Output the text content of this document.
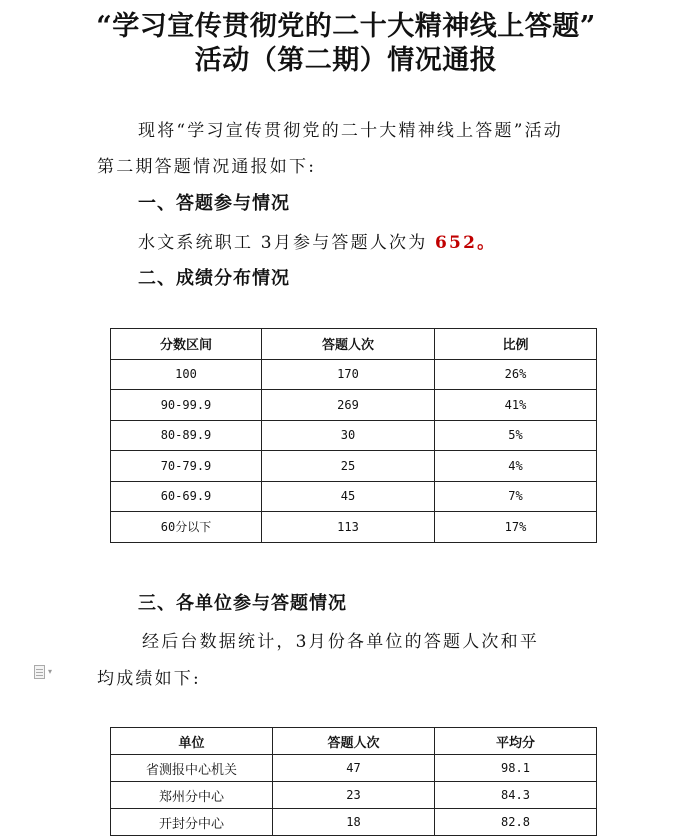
“学习宣传贯彻党的二十大精神线上答题”
活动（第二期）情况通报
现将“学习宣传贯彻党的二十大精神线上答题”活动
第二期答题情况通报如下:
一、答题参与情况
水文系统职工 3月参与答题人次为 652。
二、成绩分布情况
分数区间	答题人次	比例
100	170	26%
90-99.9	269	41%
80-89.9	30	5%
70-79.9	25	4%
60-69.9	45	7%
60分以下	113	17%
三、各单位参与答题情况
经后台数据统计，3月份各单位的答题人次和平
均成绩如下:
▾
单位	答题人次	平均分
省测报中心机关	47	98.1
郑州分中心	23	84.3
开封分中心	18	82.8
